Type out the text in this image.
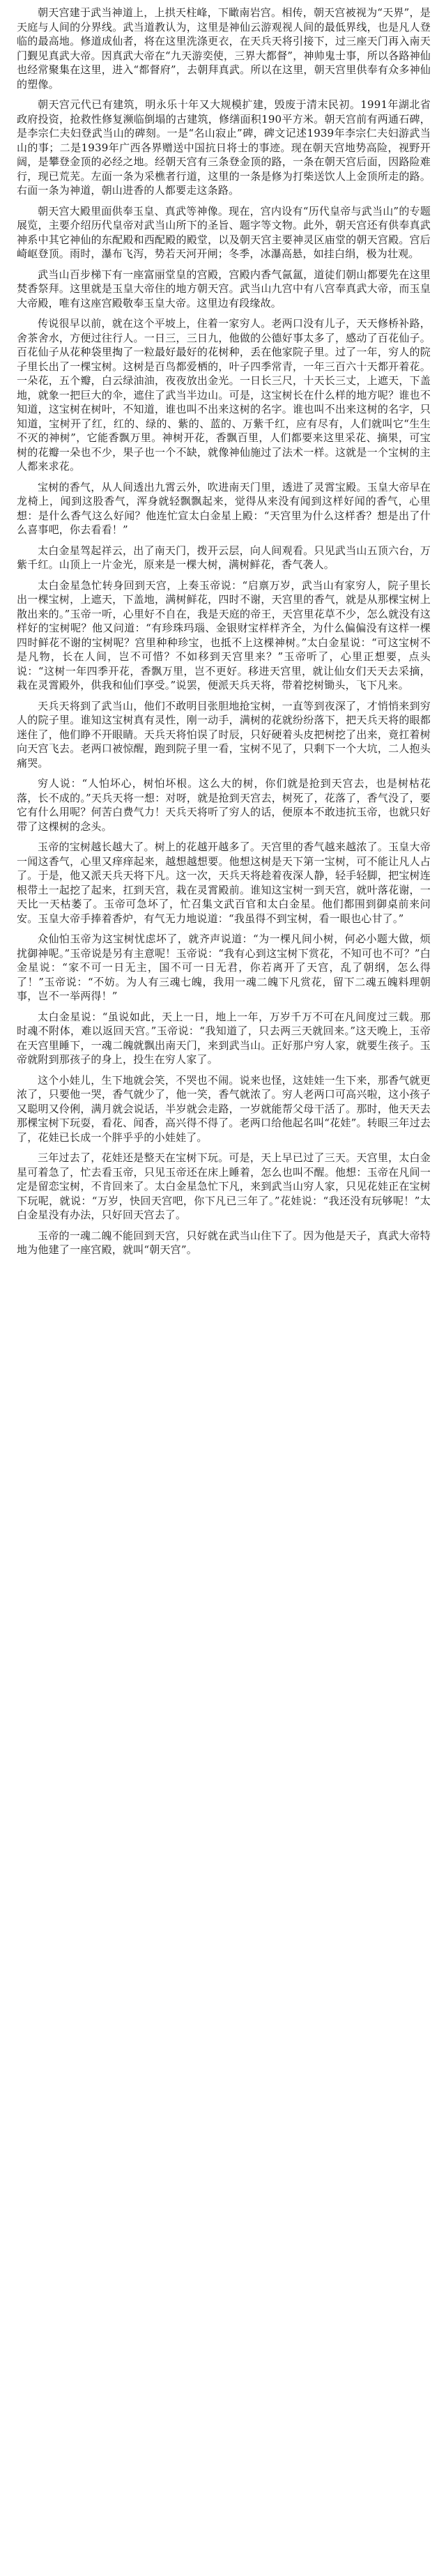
朝天宫建于武当神道上，上拱天柱峰，下瞰南岩宫。相传，朝天宫被视为“天界”，是天庭与人间的分界线。武当道教认为，这里是神仙云游观视人间的最低界线，也是凡人登临的最高地。修道成仙者，将在这里洗涤更衣，在天兵天将引接下，过三座天门再入南天门觐见真武大帝。因真武大帝在“九天游奕使，三界大都督”，神帅鬼士事，所以各路神仙也经常聚集在这里，进入“都督府”，去朝拜真武。所以在这里，朝天宫里供奉有众多神仙的塑像。

朝天宫元代已有建筑，明永乐十年又大规模扩建，毁废于清末民初。1991年湖北省政府投资，抢救性修复濒临倒塌的古建筑，修缮面积190平方米。朝天宫前有两通石碑，是李宗仁夫妇登武当山的碑刻。一是“名山寂止”碑，碑文记述1939年李宗仁夫妇游武当山的事；二是1939年广西各界赠送中国抗日将士的事迹。现在朝天宫地势高险，视野开阔，是攀登金顶的必经之地。经朝天宫有三条登金顶的路，一条在朝天宫后面，因路险难行，现已荒芜。左面一条为采樵者行道，这里的一条是修为打柴送饮人上金顶所走的路。右面一条为神道，朝山进香的人都要走这条路。

朝天宫大殿里面供奉玉皇、真武等神像。现在，宫内设有“历代皇帝与武当山”的专题展览，主要介绍历代皇帝对武当山所下的圣旨、题字等文物。此外，朝天宫还有供奉真武神系中其它神仙的东配殿和西配殿的殿堂，以及朝天宫主要神灵区庙堂的朝天宫殿。宫后崎岖登顶。雨时，瀑布飞泻，势若天河开闸；冬季，冰瀑高悬，如挂白绢，极为壮观。

武当山百步梯下有一座富丽堂皇的宫殿，宫殿内香气氤氲，道徒们朝山都要先在这里焚香祭拜。这里就是玉皇大帝住的地方朝天宫。武当山九宫中有八宫奉真武大帝，而玉皇大帝殿，唯有这座宫殿敬奉玉皇大帝。这里边有段缘故。

传说很早以前，就在这个平坡上，住着一家穷人。老两口没有儿子，天天修桥补路，舍茶舍水，方便过往行人。一日三，三日九，他做的公德好事太多了，感动了百花仙子。百花仙子从花种袋里掏了一粒最好最好的花树种，丢在他家院子里。过了一年，穷人的院子里长出了一棵宝树。这树是百鸟都爱栖的，叶子四季常青，一年三百六十天都开着花。一朵花，五个瓣，白云绿油油，夜夜放出金光。一日长三尺，十天长三丈，上遮天，下盖地，就象一把巨大的伞，遮住了武当半边山。可是，这宝树长在什么样的地方呢？谁也不知道，这宝树在树叶，不知道，谁也叫不出来这树的名字。谁也叫不出来这树的名字，只知道，宝树开了红，红的、绿的、紫的、蓝的、万紫千红，应有尽有，人们就叫它“生生不灭的神树”，它能香飘万里。神树开花，香飘百里，人们都要来这里采花、摘果，可宝树的花瓣一朵也不少，果子也一个不缺，就像神仙施过了法术一样。这就是一个宝树的主人都来求花。

宝树的香气，从人间透出九霄云外，吹进南天门里，透进了灵霄宝殿。玉皇大帝早在龙椅上，闻到这股香气，浑身就轻飘飘起来，觉得从来没有闻到这样好闻的香气，心里想：是什么香气这么好闻？他连忙宣太白金星上殿：“天宫里为什么这样香？想是出了什么喜事吧，你去看看！”

太白金星驾起祥云，出了南天门，拨开云层，向人间观看。只见武当山五顶六台，万紫千红。山顶上一片金光，原来是一棵大树，满树鲜花，香气袭人。

太白金星急忙转身回到天宫，上奏玉帝说：“启禀万岁，武当山有家穷人，院子里长出一棵宝树，上遮天，下盖地，满树鲜花，四时不谢，天宫里的香气，就是从那棵宝树上散出来的。”玉帝一听，心里好不自在，我是天庭的帝王，天宫里花草不少，怎么就没有这样好的宝树呢？他又问道：“有珍珠玛瑙、金银财宝样样齐全，为什么偏偏没有这样一棵四时鲜花不谢的宝树呢？宫里种种珍宝，也抵不上这棵神树。”太白金星说：“可这宝树不是凡物，长在人间，岂不可惜？不如移到天宫里来？”玉帝听了，心里正想要，点头说：“这树一年四季开花，香飘万里，岂不更好。移进天宫里，就让仙女们天天去采摘，栽在灵霄殿外，供我和仙们享受。”说罢，便派天兵天将，带着挖树锄头，飞下凡来。

天兵天将到了武当山，他们不敢明目张胆地抢宝树，一直等到夜深了，才悄悄来到穷人的院子里。谁知这宝树真有灵性，刚一动手，满树的花就纷纷落下，把天兵天将的眼都迷住了，他们睁不开眼睛。天兵天将怕误了时辰，只好硬着头皮把树挖了出来，竟扛着树向天宫飞去。老两口被惊醒，跑到院子里一看，宝树不见了，只剩下一个大坑，二人抱头痛哭。

穷人说：“人怕坏心，树怕坏根。这么大的树，你们就是抢到天宫去，也是树枯花落，长不成的。”天兵天将一想：对呀，就是抢到天宫去，树死了，花落了，香气没了，要它有什么用呢？何苦白费气力！天兵天将听了穷人的话，便原本不敢违抗玉帝，也就只好带了这棵树的念头。

玉帝的宝树越长越大了。树上的花越开越多了。天宫里的香气越来越浓了。玉皇大帝一闻这香气，心里又痒痒起来，越想越想要。他想这树是天下第一宝树，可不能让凡人占了。于是，他又派天兵天将下凡。这一次，天兵天将趁着夜深人静，轻手轻脚，把宝树连根带土一起挖了起来，扛到天宫，栽在灵霄殿前。谁知这宝树一到天宫，就叶落花谢，一天比一天枯萎了。玉帝可急坏了，忙召集文武百官和太白金星。他们都围到御桌前来问安。玉皇大帝手捧着香炉，有气无力地说道：“我虽得不到宝树，看一眼也心甘了。”

众仙怕玉帝为这宝树忧虑坏了，就齐声说道：“为一棵凡间小树，何必小题大做，烦扰御神呢。”玉帝说是另有主意呢！玉帝说：“我有心到这宝树下赏花，不知可也不可？”白金星说：“家不可一日无主，国不可一日无君，你若离开了天宫，乱了朝纲，怎么得了！”玉帝说：“不妨。为人有三魂七魄，我用一魂二魄下凡赏花，留下二魂五魄料理朝事，岂不一举两得！”

太白金星说：“虽说如此，天上一日，地上一年，万岁千万不可在凡间度过三载。那时魂不附体，难以返回天宫。”玉帝说：“我知道了，只去两三天就回来。”这天晚上，玉帝在天宫里睡下，一魂二魄就飘出南天门，来到武当山。正好那户穷人家，就要生孩子。玉帝就附到那孩子的身上，投生在穷人家了。

这个小娃儿，生下地就会笑，不哭也不闹。说来也怪，这娃娃一生下来，那香气就更浓了，只要他一哭，香气就少了，他一笑，香气就浓了。穷人老两口可高兴啦，这小孩子又聪明又伶俐，满月就会说话，半岁就会走路，一岁就能帮父母干活了。那时，他天天去那棵宝树下玩耍，看花、闻香，高兴得不得了。老两口给他起名叫“花娃”。转眼三年过去了，花娃已长成一个胖乎乎的小娃娃了。

三年过去了，花娃还是整天在宝树下玩。可是，天上早已过了三天。天宫里，太白金星可着急了，忙去看玉帝，只见玉帝还在床上睡着，怎么也叫不醒。他想：玉帝在凡间一定是留恋宝树，不肯回来了。太白金星急忙下凡，来到武当山穷人家，只见花娃正在宝树下玩呢，就说：“万岁，快回天宫吧，你下凡已三年了。”花娃说：“我还没有玩够呢！”太白金星没有办法，只好回天宫去了。

玉帝的一魂二魄不能回到天宫，只好就在武当山住下了。因为他是天子，真武大帝特地为他建了一座宫殿，就叫“朝天宫”。
